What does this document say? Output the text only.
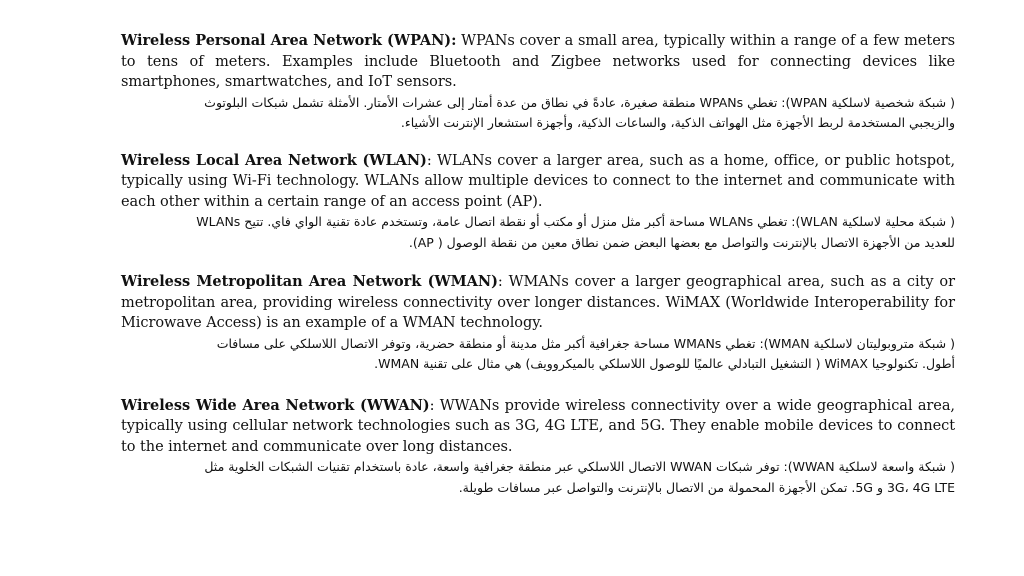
Wireless Personal Area Network (WPAN): WPANs cover a small area, typically within a range of a few meters to tens of meters. Examples include Bluetooth and Zigbee networks used for connecting devices like smartphones, smartwatches, and IoT sensors.

( شبكة شخصية لاسلكية WPAN): تغطي WPANs منطقة صغيرة، عادةً في نطاق من عدة أمتار إلى عشرات الأمتار. الأمثلة تشمل شبكات البلوتوث
والزيجبي المستخدمة لربط الأجهزة مثل الهواتف الذكية، والساعات الذكية، وأجهزة استشعار الإنترنت الأشياء.

Wireless Local Area Network (WLAN): WLANs cover a larger area, such as a home, office, or public hotspot, typically using Wi-Fi technology. WLANs allow multiple devices to connect to the internet and communicate with each other within a certain range of an access point (AP).

( شبكة محلية لاسلكية WLAN): تغطي WLANs مساحة أكبر مثل منزل أو مكتب أو نقطة اتصال عامة، وتستخدم عادة تقنية الواي فاي. تتيح WLANs
للعديد من الأجهزة الاتصال بالإنترنت والتواصل مع بعضها البعض ضمن نطاق معين من نقطة الوصول ( AP).

Wireless Metropolitan Area Network (WMAN): WMANs cover a larger geographical area, such as a city or metropolitan area, providing wireless connectivity over longer distances. WiMAX (Worldwide Interoperability for Microwave Access) is an example of a WMAN technology.

( شبكة متروبوليتان لاسلكية WMAN): تغطي WMANs مساحة جغرافية أكبر مثل مدينة أو منطقة حضرية، وتوفر الاتصال اللاسلكي على مسافات
أطول. تكنولوجيا WiMAX ( التشغيل التبادلي عالميًا للوصول اللاسلكي بالميكروويف) هي مثال على تقنية WMAN.

Wireless Wide Area Network (WWAN): WWANs provide wireless connectivity over a wide geographical area, typically using cellular network technologies such as 3G, 4G LTE, and 5G. They enable mobile devices to connect to the internet and communicate over long distances.

( شبكة واسعة لاسلكية WWAN): توفر شبكات WWAN الاتصال اللاسلكي عبر منطقة جغرافية واسعة، عادة باستخدام تقنيات الشبكات الخلوية مثل
3G، 4G LTE و 5G. تمكن الأجهزة المحمولة من الاتصال بالإنترنت والتواصل عبر مسافات طويلة.
